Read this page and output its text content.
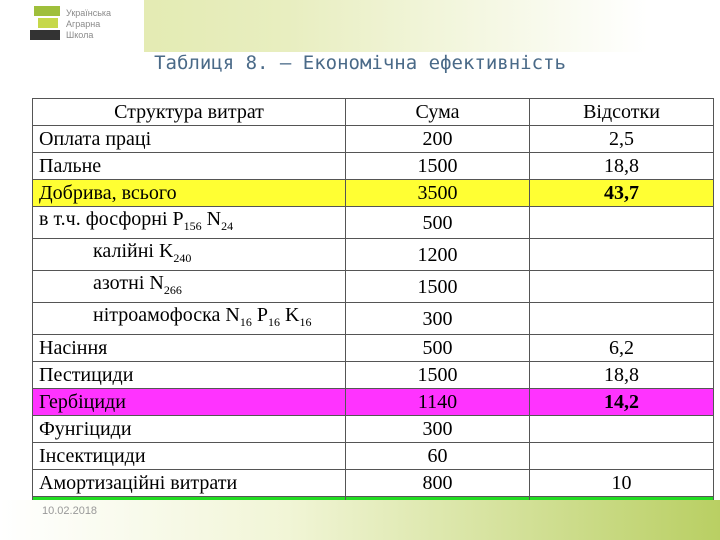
Українська
Аграрна
Школа
Таблиця 8. – Економічна ефективність
Структура витрат	Сума	Відсотки
Оплата праці	200	2,5
Пальне	1500	18,8
Добрива, всього	3500	43,7
в т.ч. фосфорні $P_{156}$ $N_{24}$	500	
калійні $K_{240}$	1200	
азотні $N_{266}$	1500	
нітроамофоска $N_{16}$ $P_{16}$ $K_{16}$	300	
Насіння	500	6,2
Пестициди	1500	18,8
Гербіциди	1140	14,2
Фунгіциди	300	
Інсектициди	60	
Амортизаційні витрати	800	10

10.02.2018
